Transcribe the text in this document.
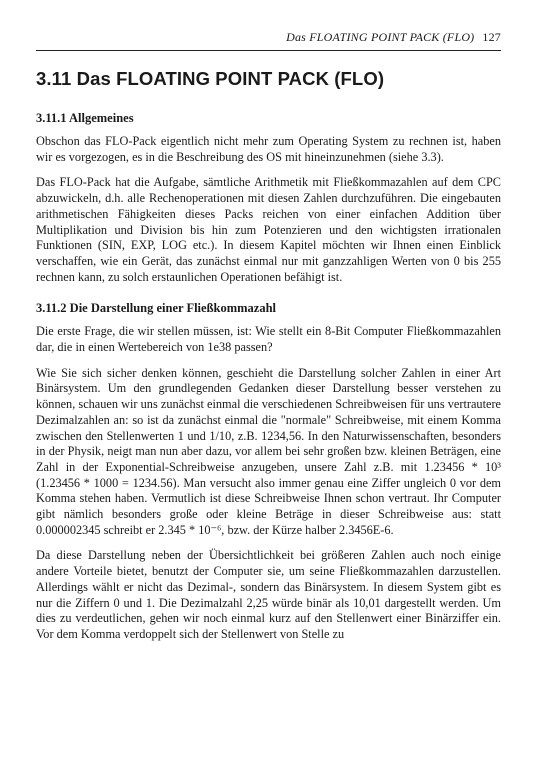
Das FLOATING POINT PACK (FLO) 127
3.11 Das FLOATING POINT PACK (FLO)
3.11.1 Allgemeines

Obschon das FLO-Pack eigentlich nicht mehr zum Operating System zu rechnen ist, haben wir es vorgezogen, es in die Beschreibung des OS mit hineinzunehmen (siehe 3.3).

Das FLO-Pack hat die Aufgabe, sämtliche Arithmetik mit Fließkommazahlen auf dem CPC abzuwickeln, d.h. alle Rechenoperationen mit diesen Zahlen durchzuführen. Die eingebauten arithmetischen Fähigkeiten dieses Packs reichen von einer einfachen Addition über Multiplikation und Division bis hin zum Potenzieren und den wichtigsten irrationalen Funktionen (SIN, EXP, LOG etc.). In diesem Kapitel möchten wir Ihnen einen Einblick verschaffen, wie ein Gerät, das zunächst einmal nur mit ganzzahligen Werten von 0 bis 255 rechnen kann, zu solch erstaunlichen Operationen befähigt ist.

3.11.2 Die Darstellung einer Fließkommazahl

Die erste Frage, die wir stellen müssen, ist: Wie stellt ein 8-Bit Computer Fließkommazahlen dar, die in einen Wertebereich von 1e38 passen?

Wie Sie sich sicher denken können, geschieht die Darstellung solcher Zahlen in einer Art Binärsystem. Um den grundlegenden Gedanken dieser Darstellung besser verstehen zu können, schauen wir uns zunächst einmal die verschiedenen Schreibweisen für uns vertrautere Dezimalzahlen an: so ist da zunächst einmal die "normale" Schreibweise, mit einem Komma zwischen den Stellenwerten 1 und 1/10, z.B. 1234,56. In den Naturwissenschaften, besonders in der Physik, neigt man nun aber dazu, vor allem bei sehr großen bzw. kleinen Beträgen, eine Zahl in der Exponential-Schreibweise anzugeben, unsere Zahl z.B. mit 1.23456 * 10³ (1.23456 * 1000 = 1234.56). Man versucht also immer genau eine Ziffer ungleich 0 vor dem Komma stehen haben. Vermutlich ist diese Schreibweise Ihnen schon vertraut. Ihr Computer gibt nämlich besonders große oder kleine Beträge in dieser Schreibweise aus: statt 0.000002345 schreibt er 2.345 * 10⁻⁶, bzw. der Kürze halber 2.3456E-6.

Da diese Darstellung neben der Übersichtlichkeit bei größeren Zahlen auch noch einige andere Vorteile bietet, benutzt der Computer sie, um seine Fließkommazahlen darzustellen. Allerdings wählt er nicht das Dezimal-, sondern das Binärsystem. In diesem System gibt es nur die Ziffern 0 und 1. Die Dezimalzahl 2,25 würde binär als 10,01 dargestellt werden. Um dies zu verdeutlichen, gehen wir noch einmal kurz auf den Stellenwert einer Binärziffer ein. Vor dem Komma verdoppelt sich der Stellenwert von Stelle zu
